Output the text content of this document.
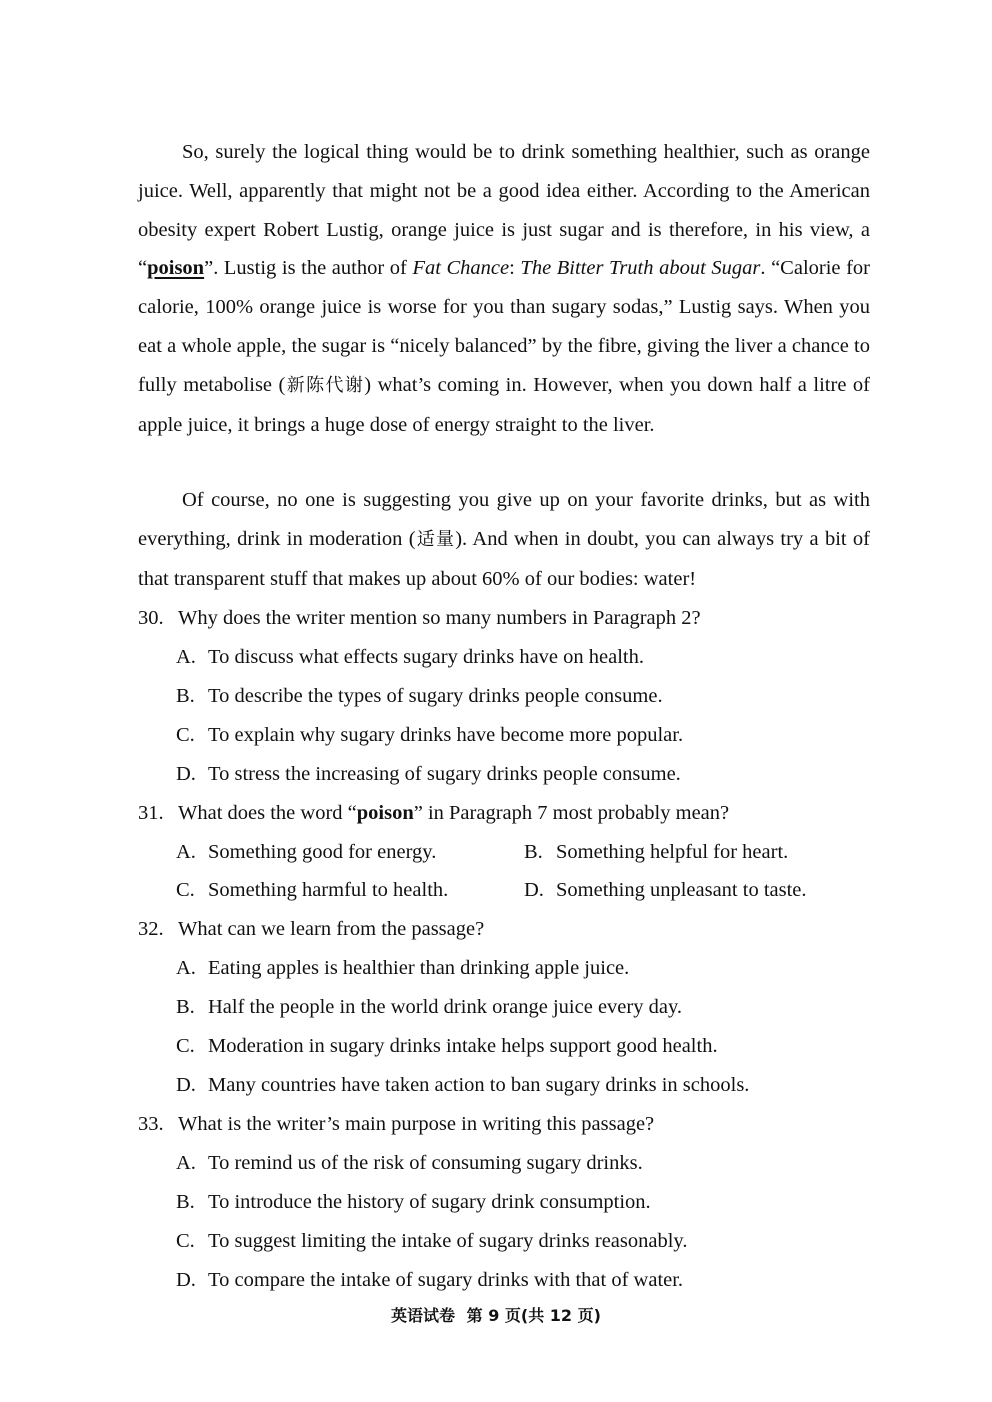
So, surely the logical thing would be to drink something healthier, such as orange juice. Well, apparently that might not be a good idea either. According to the American obesity expert Robert Lustig, orange juice is just sugar and is therefore, in his view, a “poison”. Lustig is the author of Fat Chance: The Bitter Truth about Sugar. “Calorie for calorie, 100% orange juice is worse for you than sugary sodas,” Lustig says. When you eat a whole apple, the sugar is “nicely balanced” by the fibre, giving the liver a chance to fully metabolise (新陈代谢) what’s coming in. However, when you down half a litre of apple juice, it brings a huge dose of energy straight to the liver.

Of course, no one is suggesting you give up on your favorite drinks, but as with everything, drink in moderation (适量). And when in doubt, you can always try a bit of that transparent stuff that makes up about 60% of our bodies: water!

30. Why does the writer mention so many numbers in Paragraph 2?
A. To discuss what effects sugary drinks have on health.
B. To describe the types of sugary drinks people consume.
C. To explain why sugary drinks have become more popular.
D. To stress the increasing of sugary drinks people consume.
31. What does the word “poison” in Paragraph 7 most probably mean?
A. Something good for energy.	B. Something helpful for heart.
C. Something harmful to health.	D. Something unpleasant to taste.
32. What can we learn from the passage?
A. Eating apples is healthier than drinking apple juice.
B. Half the people in the world drink orange juice every day.
C. Moderation in sugary drinks intake helps support good health.
D. Many countries have taken action to ban sugary drinks in schools.
33. What is the writer’s main purpose in writing this passage?
A. To remind us of the risk of consuming sugary drinks.
B. To introduce the history of sugary drink consumption.
C. To suggest limiting the intake of sugary drinks reasonably.
D. To compare the intake of sugary drinks with that of water.
英语试卷 第 9 页(共 12 页)
